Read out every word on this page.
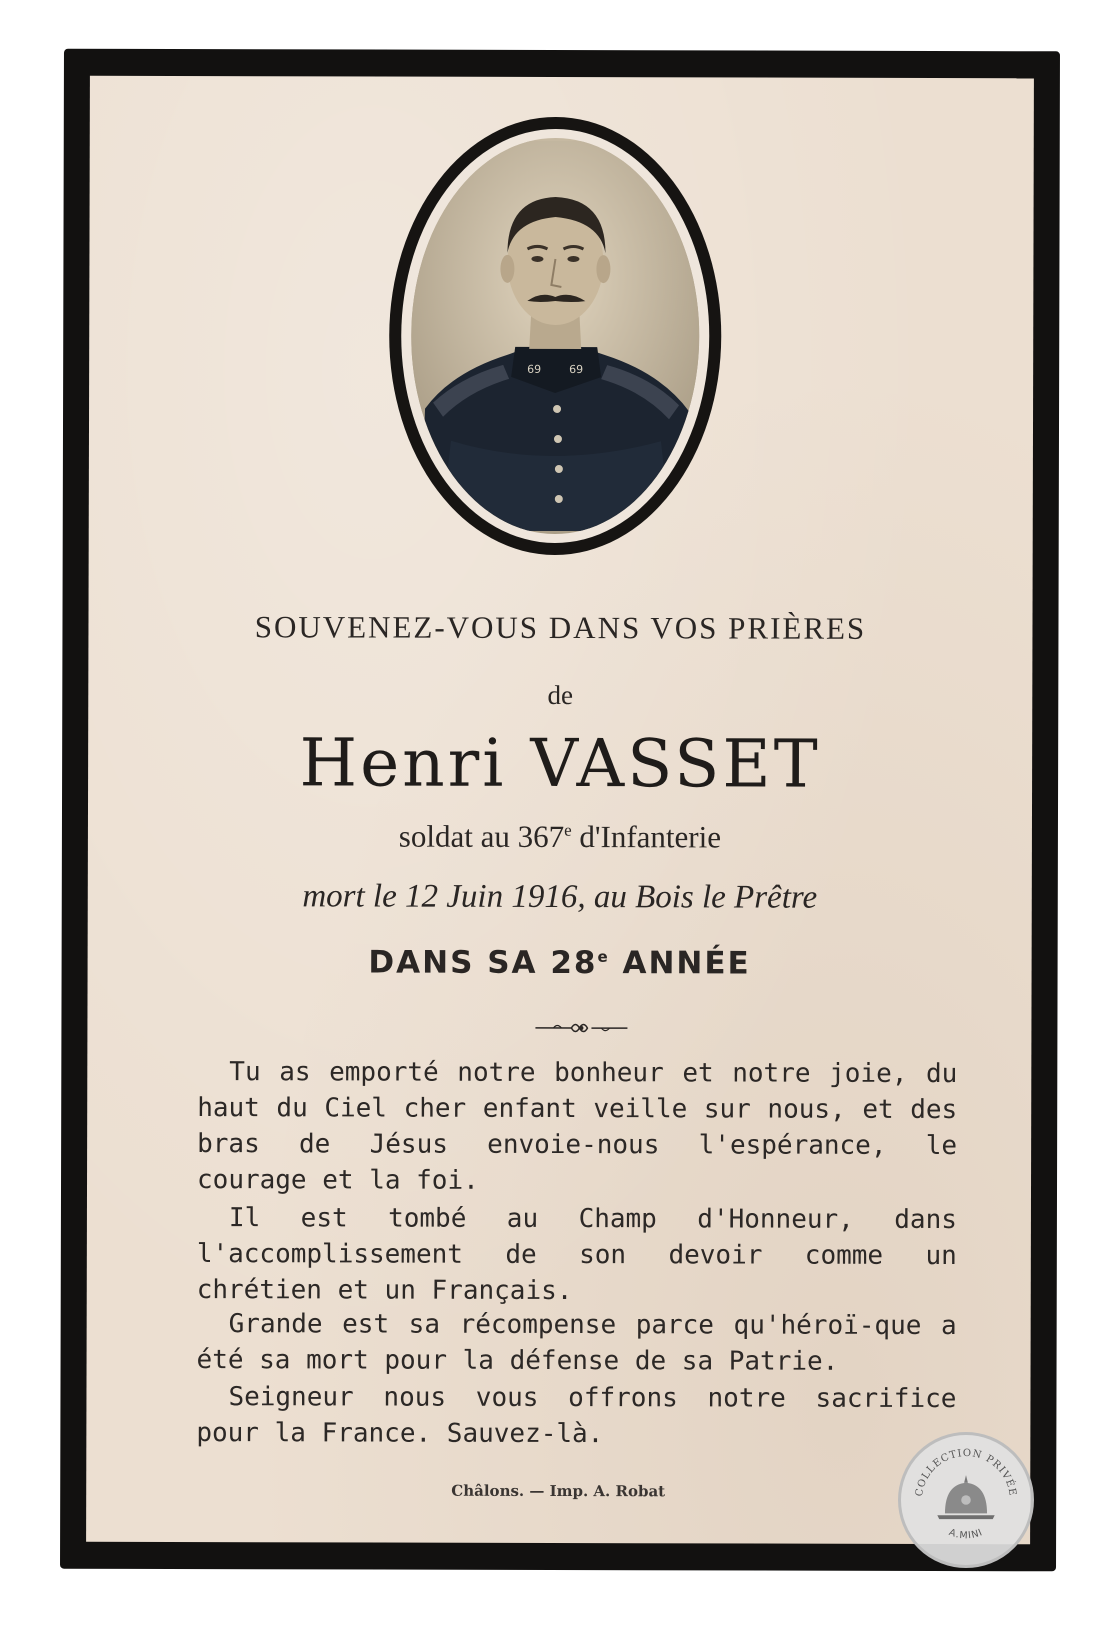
69	69
SOUVENEZ-VOUS DANS VOS PRIÈRES
de
Henri VASSET
soldat au 367e d'Infanterie
mort le 12 Juin 1916, au Bois le Prêtre
DANS SA 28e ANNÉE
Tu as emporté notre bonheur et notre joie, du haut du Ciel cher enfant veille sur nous, et des bras de Jésus envoie-nous l'espérance, le courage et la foi.
Il est tombé au Champ d'Honneur, dans l'accomplissement de son devoir comme un chrétien et un Français.
Grande est sa récompense parce qu'héroï-que a été sa mort pour la défense de sa Patrie.
Seigneur nous vous offrons notre sacrifice pour la France. Sauvez-là.
Châlons. — Imp. A. Robat	COLLECTION PRIVÉE
A.MINI
